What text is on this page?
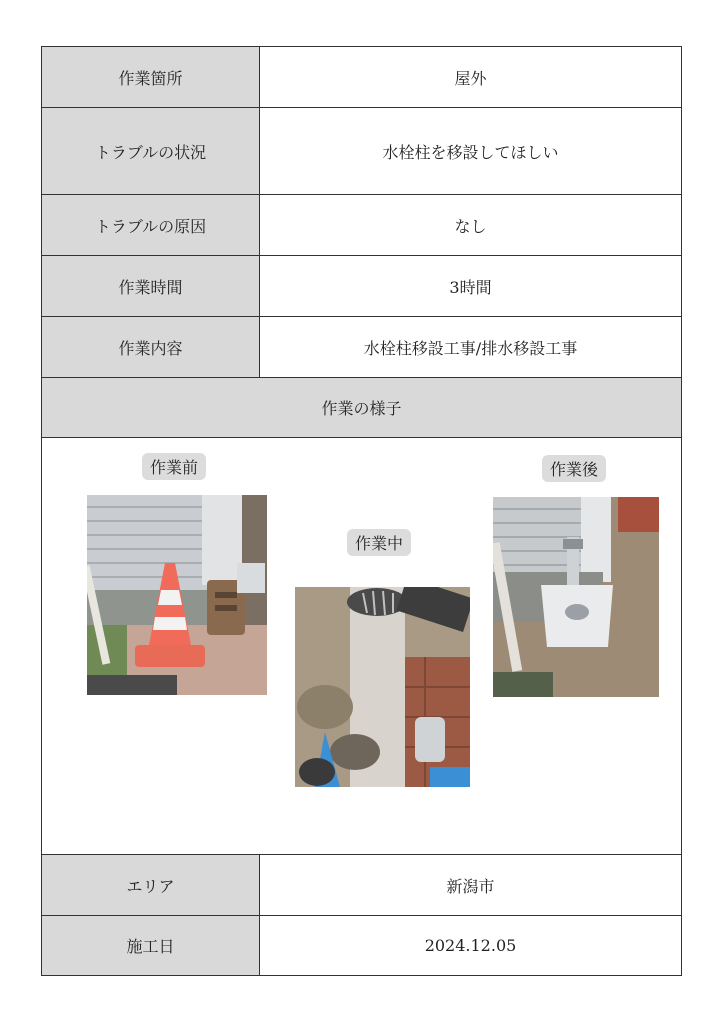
作業箇所	屋外
トラブルの状況	水栓柱を移設してほしい
トラブルの原因	なし
作業時間	3時間
作業内容	水栓柱移設工事/排水移設工事
作業の様子
作業前
作業中
作業後
エリア	新潟市
施工日	2024.12.05
